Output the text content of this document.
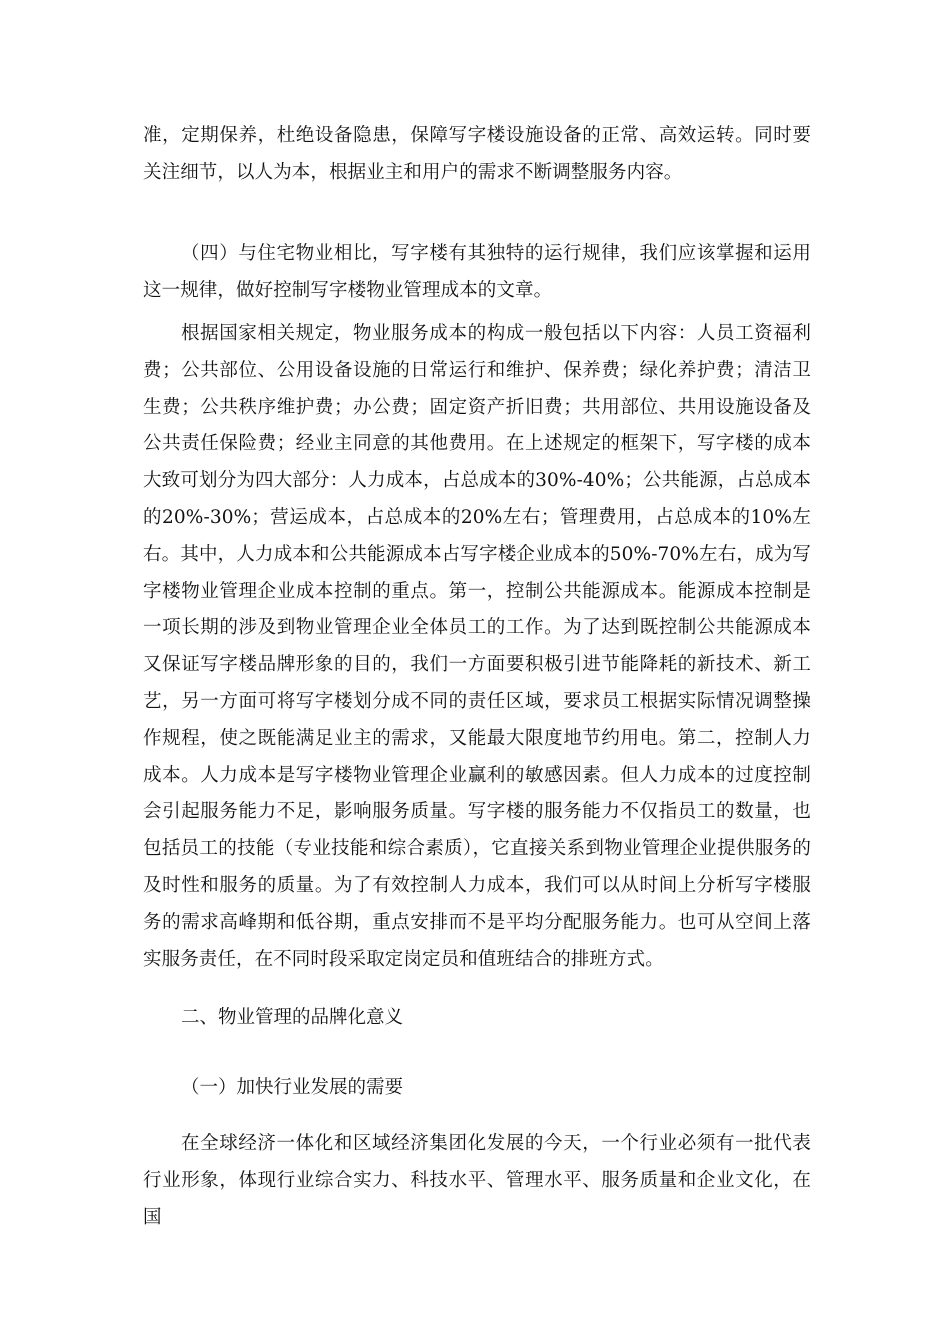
准，定期保养，杜绝设备隐患，保障写字楼设施设备的正常、高效运转。同时要关注细节，以人为本，根据业主和用户的需求不断调整服务内容。

（四）与住宅物业相比，写字楼有其独特的运行规律，我们应该掌握和运用这一规律，做好控制写字楼物业管理成本的文章。

根据国家相关规定，物业服务成本的构成一般包括以下内容：人员工资福利费；公共部位、公用设备设施的日常运行和维护、保养费；绿化养护费；清洁卫生费；公共秩序维护费；办公费；固定资产折旧费；共用部位、共用设施设备及公共责任保险费；经业主同意的其他费用。在上述规定的框架下，写字楼的成本大致可划分为四大部分：人力成本，占总成本的30%-40%；公共能源，占总成本的20%-30%；营运成本，占总成本的20%左右；管理费用，占总成本的10%左右。其中，人力成本和公共能源成本占写字楼企业成本的50%-70%左右，成为写字楼物业管理企业成本控制的重点。第一，控制公共能源成本。能源成本控制是一项长期的涉及到物业管理企业全体员工的工作。为了达到既控制公共能源成本又保证写字楼品牌形象的目的，我们一方面要积极引进节能降耗的新技术、新工艺，另一方面可将写字楼划分成不同的责任区域，要求员工根据实际情况调整操作规程，使之既能满足业主的需求，又能最大限度地节约用电。第二，控制人力成本。人力成本是写字楼物业管理企业赢利的敏感因素。但人力成本的过度控制会引起服务能力不足，影响服务质量。写字楼的服务能力不仅指员工的数量，也包括员工的技能（专业技能和综合素质），它直接关系到物业管理企业提供服务的及时性和服务的质量。为了有效控制人力成本，我们可以从时间上分析写字楼服务的需求高峰期和低谷期，重点安排而不是平均分配服务能力。也可从空间上落实服务责任，在不同时段采取定岗定员和值班结合的排班方式。

二、物业管理的品牌化意义
（一）加快行业发展的需要

在全球经济一体化和区域经济集团化发展的今天，一个行业必须有一批代表行业形象，体现行业综合实力、科技水平、管理水平、服务质量和企业文化，在国
